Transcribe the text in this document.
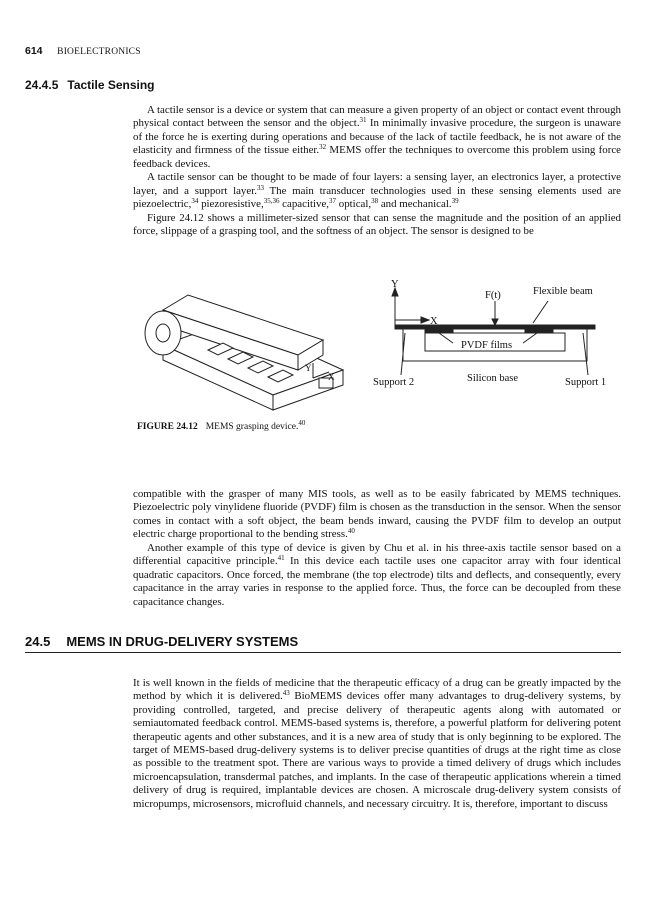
614 BIOELECTRONICS
24.4.5 Tactile Sensing

A tactile sensor is a device or system that can measure a given property of an object or contact event through physical contact between the sensor and the object.$^{31}$ In minimally invasive procedure, the surgeon is unaware of the force he is exerting during operations and because of the lack of tactile feedback, he is not aware of the elasticity and firmness of the tissue either.$^{32}$ MEMS offer the techniques to overcome this problem using force feedback devices.

A tactile sensor can be thought to be made of four layers: a sensing layer, an electronics layer, a protective layer, and a support layer.$^{33}$ The main transducer technologies used in these sensing elements used are piezoelectric,$^{34}$ piezoresistive,$^{35,36}$ capacitive,$^{37}$ optical,$^{38}$ and mechanical.$^{39}$

Figure 24.12 shows a millimeter-sized sensor that can sense the magnitude and the position of an applied force, slippage of a grasping tool, and the softness of an object. The sensor is designed to be

Y
X
Y
X
F(t)	Flexible beam
PVDF films
Support 2	Silicon base	Support 1
FIGURE 24.12 MEMS grasping device.$^{40}$

compatible with the grasper of many MIS tools, as well as to be easily fabricated by MEMS techniques. Piezoelectric poly vinylidene fluoride (PVDF) film is chosen as the transduction in the sensor. When the sensor comes in contact with a soft object, the beam bends inward, causing the PVDF film to develop an output electric charge proportional to the bending stress.$^{40}$

Another example of this type of device is given by Chu et al. in his three-axis tactile sensor based on a differential capacitive principle.$^{41}$ In this device each tactile uses one capacitor array with four identical quadratic capacitors. Once forced, the membrane (the top electrode) tilts and deflects, and consequently, every capacitance in the array varies in response to the applied force. Thus, the force can be decoupled from these capacitance changes.

24.5 MEMS IN DRUG-DELIVERY SYSTEMS

It is well known in the fields of medicine that the therapeutic efficacy of a drug can be greatly impacted by the method by which it is delivered.$^{43}$ BioMEMS devices offer many advantages to drug-delivery systems, by providing controlled, targeted, and precise delivery of therapeutic agents along with automated or semiautomated feedback control. MEMS-based systems is, therefore, a powerful platform for delivering potent therapeutic agents and other substances, and it is a new area of study that is only beginning to be explored. The target of MEMS-based drug-delivery systems is to deliver precise quantities of drugs at the right time as close as possible to the treatment spot. There are various ways to provide a timed delivery of drugs which includes microencapsulation, transdermal patches, and implants. In the case of therapeutic applications wherein a timed delivery of drug is required, implantable devices are chosen. A microscale drug-delivery system consists of micropumps, microsensors, microfluid channels, and necessary circuitry. It is, therefore, important to discuss
